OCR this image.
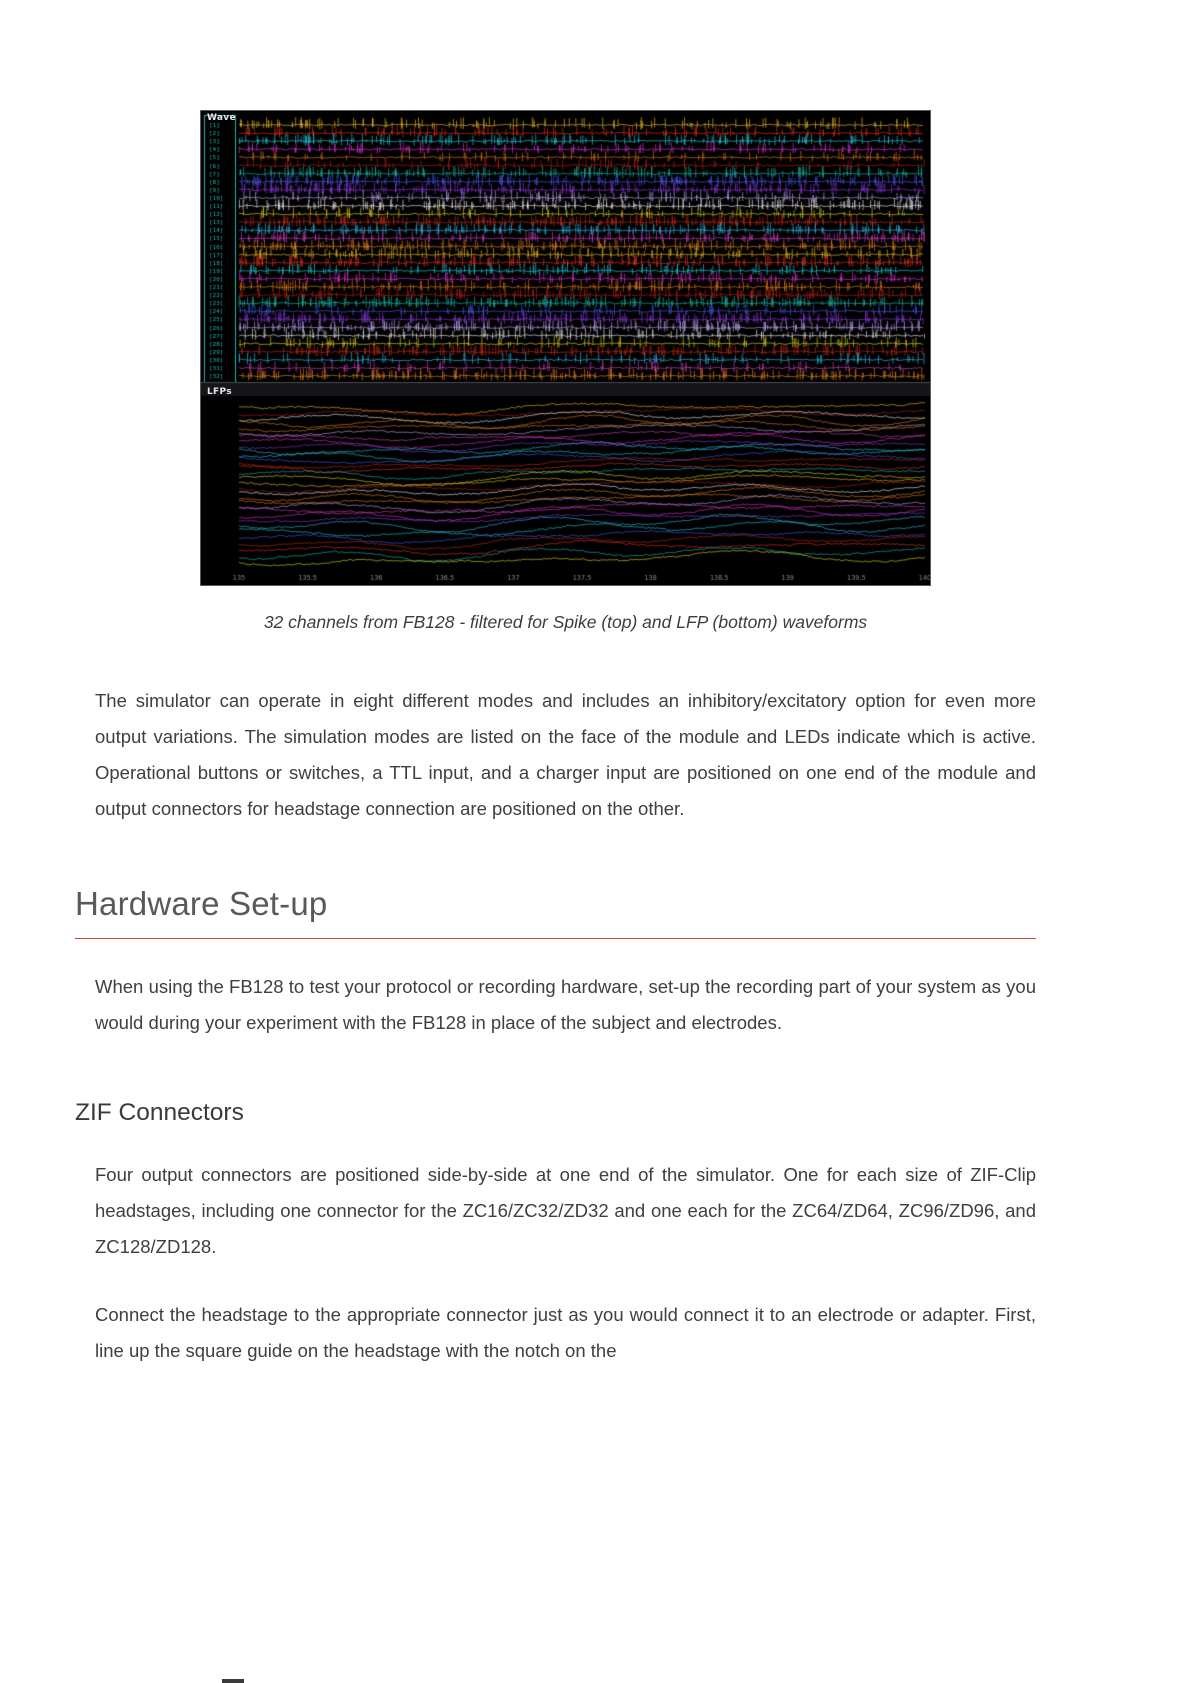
Wave
LFPs
32 channels from FB128 - filtered for Spike (top) and LFP (bottom) waveforms

The simulator can operate in eight different modes and includes an inhibitory/excitatory option for even more output variations. The simulation modes are listed on the face of the module and LEDs indicate which is active. Operational buttons or switches, a TTL input, and a charger input are positioned on one end of the module and output connectors for headstage connection are positioned on the other.

Hardware Set-up

When using the FB128 to test your protocol or recording hardware, set-up the recording part of your system as you would during your experiment with the FB128 in place of the subject and electrodes.

ZIF Connectors

Four output connectors are positioned side-by-side at one end of the simulator. One for each size of ZIF-Clip headstages, including one connector for the ZC16/ZC32/ZD32 and one each for the ZC64/ZD64, ZC96/ZD96, and ZC128/ZD128.

Connect the headstage to the appropriate connector just as you would connect it to an electrode or adapter. First, line up the square guide on the headstage with the notch on the
